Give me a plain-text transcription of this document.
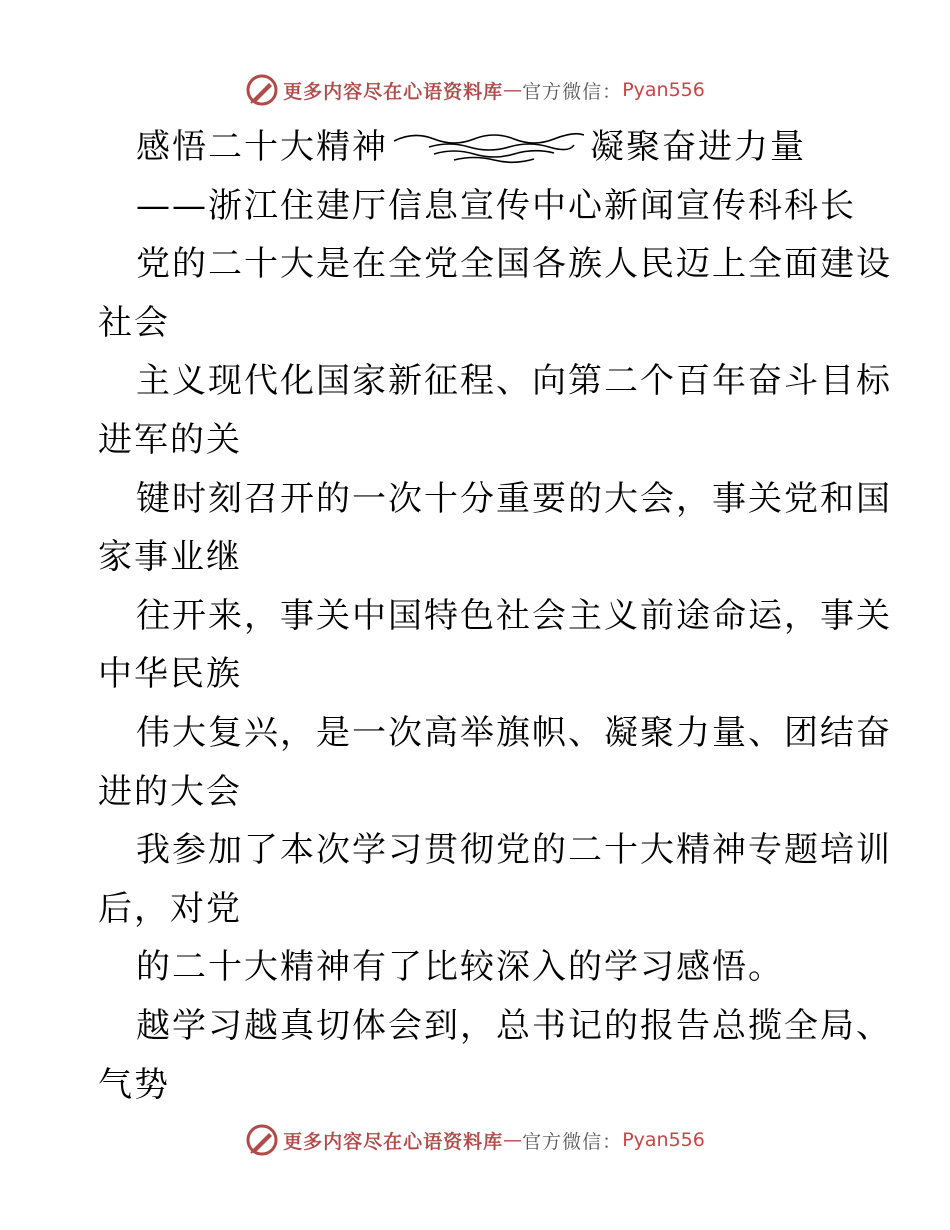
更多内容尽在心语资料库 — 官方微信： Pyan556
感悟二十大精神	凝聚奋进力量
——浙江住建厅信息宣传中心新闻宣传科科长
党的二十大是在全党全国各族人民迈上全面建设
社会
主义现代化国家新征程、向第二个百年奋斗目标
进军的关
键时刻召开的一次十分重要的大会，事关党和国
家事业继
往开来，事关中国特色社会主义前途命运，事关
中华民族
伟大复兴，是一次高举旗帜、凝聚力量、团结奋
进的大会
我参加了本次学习贯彻党的二十大精神专题培训
后，对党
的二十大精神有了比较深入的学习感悟。
越学习越真切体会到，总书记的报告总揽全局、
气势
更多内容尽在心语资料库 — 官方微信： Pyan556
